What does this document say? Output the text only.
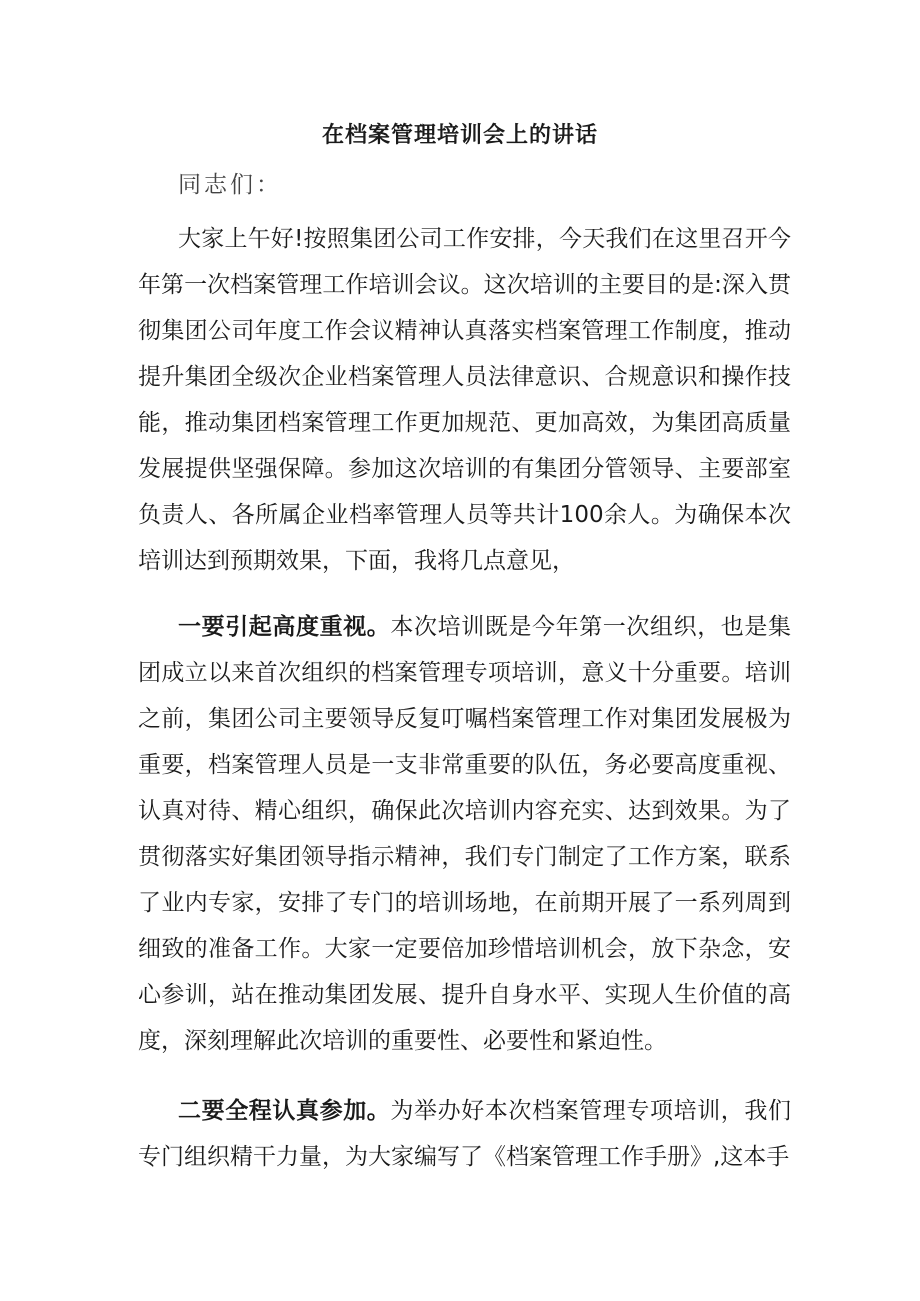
在档案管理培训会上的讲话
同志们：

大家上午好!按照集团公司工作安排，今天我们在这里召开今年第一次档案管理工作培训会议。这次培训的主要目的是:深入贯彻集团公司年度工作会议精神认真落实档案管理工作制度，推动提升集团全级次企业档案管理人员法律意识、合规意识和操作技能，推动集团档案管理工作更加规范、更加高效，为集团高质量发展提供坚强保障。参加这次培训的有集团分管领导、主要部室负责人、各所属企业档率管理人员等共计100余人。为确保本次培训达到预期效果，下面，我将几点意见，

一要引起高度重视。本次培训既是今年第一次组织，也是集团成立以来首次组织的档案管理专项培训，意义十分重要。培训之前，集团公司主要领导反复叮嘱档案管理工作对集团发展极为重要，档案管理人员是一支非常重要的队伍，务必要高度重视、认真对待、精心组织，确保此次培训内容充实、达到效果。为了贯彻落实好集团领导指示精神，我们专门制定了工作方案，联系了业内专家，安排了专门的培训场地，在前期开展了一系列周到细致的准备工作。大家一定要倍加珍惜培训机会，放下杂念，安心参训，站在推动集团发展、提升自身水平、实现人生价值的高度，深刻理解此次培训的重要性、必要性和紧迫性。

二要全程认真参加。为举办好本次档案管理专项培训，我们专门组织精干力量，为大家编写了《档案管理工作手册》,这本手
